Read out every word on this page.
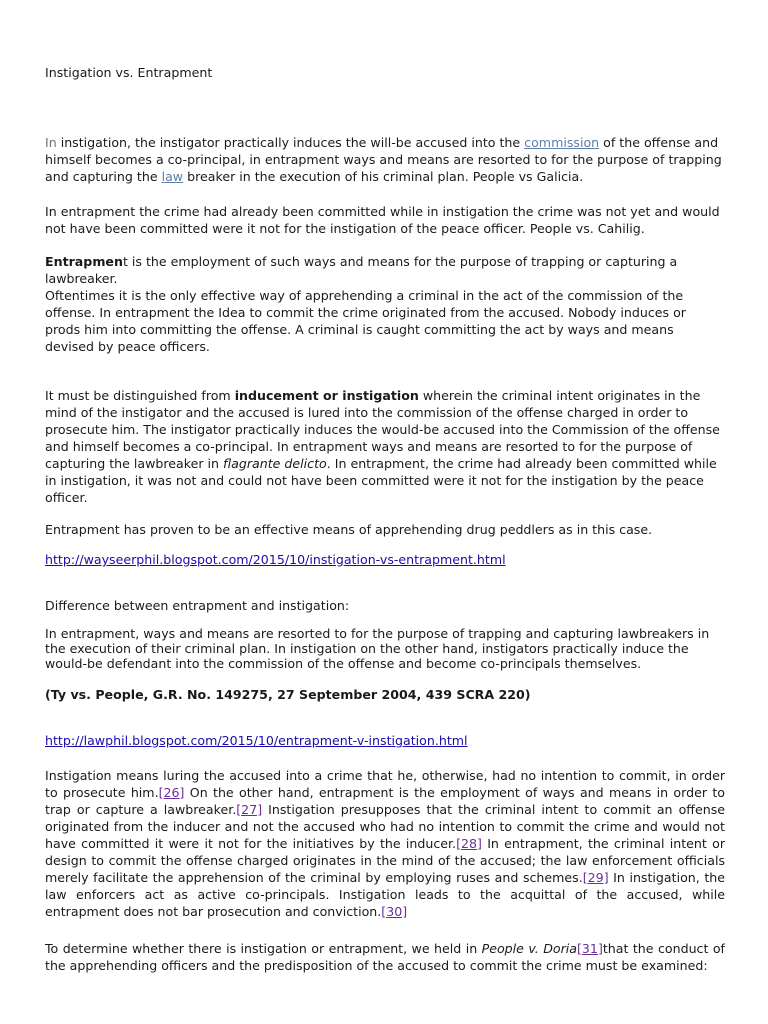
Instigation vs. Entrapment

In instigation, the instigator practically induces the will-be accused into the commission of the offense and himself becomes a co-principal, in entrapment ways and means are resorted to for the purpose of trapping and capturing the law breaker in the execution of his criminal plan. People vs Galicia.

In entrapment the crime had already been committed while in instigation the crime was not yet and would not have been committed were it not for the instigation of the peace officer. People vs. Cahilig.

Entrapment is the employment of such ways and means for the purpose of trapping or capturing a lawbreaker.
Oftentimes it is the only effective way of apprehending a criminal in the act of the commission of the offense. In entrapment the Idea to commit the crime originated from the accused. Nobody induces or prods him into committing the offense. A criminal is caught committing the act by ways and means devised by peace officers.

It must be distinguished from inducement or instigation wherein the criminal intent originates in the mind of the instigator and the accused is lured into the commission of the offense charged in order to prosecute him. The instigator practically induces the would-be accused into the Commission of the offense and himself becomes a co-principal. In entrapment ways and means are resorted to for the purpose of capturing the lawbreaker in flagrante delicto. In entrapment, the crime had already been committed while in instigation, it was not and could not have been committed were it not for the instigation by the peace officer.

Entrapment has proven to be an effective means of apprehending drug peddlers as in this case.

http://wayseerphil.blogspot.com/2015/10/instigation-vs-entrapment.html

Difference between entrapment and instigation:

In entrapment, ways and means are resorted to for the purpose of trapping and capturing lawbreakers in the execution of their criminal plan. In instigation on the other hand, instigators practically induce the would-be defendant into the commission of the offense and become co-principals themselves.

(Ty vs. People, G.R. No. 149275, 27 September 2004, 439 SCRA 220)

http://lawphil.blogspot.com/2015/10/entrapment-v-instigation.html

Instigation means luring the accused into a crime that he, otherwise, had no intention to commit, in order to prosecute him.[26] On the other hand, entrapment is the employment of ways and means in order to trap or capture a lawbreaker.[27] Instigation presupposes that the criminal intent to commit an offense originated from the inducer and not the accused who had no intention to commit the crime and would not have committed it were it not for the initiatives by the inducer.[28] In entrapment, the criminal intent or design to commit the offense charged originates in the mind of the accused; the law enforcement officials merely facilitate the apprehension of the criminal by employing ruses and schemes.[29] In instigation, the law enforcers act as active co-principals. Instigation leads to the acquittal of the accused, while entrapment does not bar prosecution and conviction.[30]

To determine whether there is instigation or entrapment, we held in People v. Doria[31]that the conduct of the apprehending officers and the predisposition of the accused to commit the crime must be examined:
